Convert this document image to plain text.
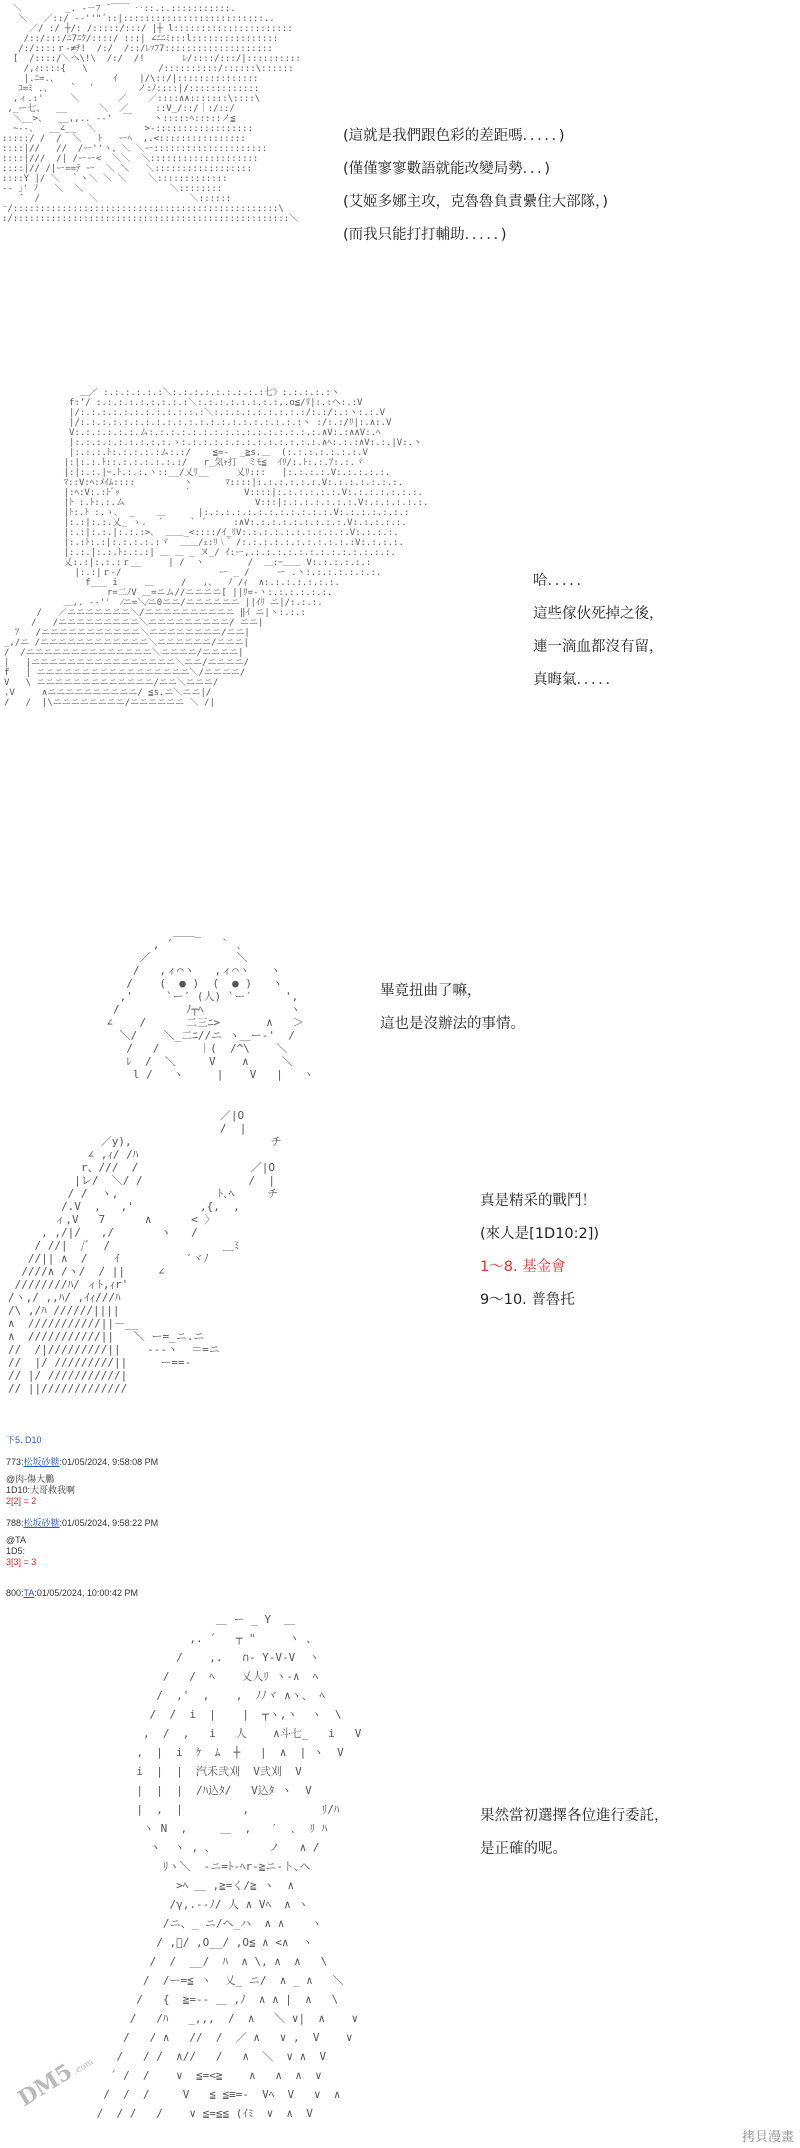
＼        _. -－ﾌ ̄ ￣￣ ‥::.:.:::::::::::.
＼   ／::/ -‐''"´::|::::::::::::::::::::::::::..
／/ :/ ┼/: /:::::/:::/ |┼ l::::::::::::::::::::::
/::/:::/ﾆ7ﾆｸ/::::/ :::| ∠ﾆﾆﾐ:::l::::::::::::::::
/:/::::ｒ-≠ﾁ!  /:/  /::/ﾚｧﾌ7::::::::::::::::::::
[  /::::/＼ヘ\!\  /:/  /!       ﾚ/::::/:::/|::::::::::
/,ｨ::::{   \             /::::::::::/::::::\::::::
|.ﾆ=.、          ｲ    |/\::/|:::::::::::::::
ｺ=ﾐ .、   ｀  ´        ノ:ﾉ::::|/:::::::::::::
,ィ.:'     ＼       ／    ／::::∧∧:::::::\::::\
,_ー七、  __      ＼  ／     ::V_/::/｜:/::/
＼__>、  __,,.. -‐'  ￣    ヽ:::::ﾍ:::::ノ≦
~‐‐、  __∠__  ＼         >‐::::::::::::::::::
:::::/ /  /  ＼   ﾄ   ーﾍ  ,.<::::::::::::::::
::::|//   //  /ー''ヽ、＼ ＼ー:::::::::::::::::::::
::::|///  /| /ーー<  ＼＼  ＼::::::::::::::::::::
::::|// /|ー==ﾃ ー  ＼ ＼   ＼::::::::::::::::::
::::Y |/ ＼  ｀ヽ＼ ＼ ＼    ＼:::::::::::::
‐- ｣' ﾉ   ＼  ＼                ＼::::::::
´  /         ＼                 ＼::::::
⁻/:::::::::::::::::::::::::::::::::::::::::::::::::\
:/:::::::::::::::::::::::::::::::::::::::::::::::::::＼
(這就是我們跟色彩的差距嗎．．．．．)
(僅僅寥寥數語就能改變局勢．．．)
(艾姬多娜主攻，克魯魯負責纍住大部隊，)
(而我只能打打輔助．．．．．)
＿／ :.:.:.:.:.:＼:.:.:.:.:.:.:.:.:七》:.:.:.:.:ヽ
f:‘/ :.:.:.:.:.:.:.:.:＼:.:.:.:.:.:.:.:,.o≦/ﾘ|:.:ヘ:.:V
|/:.:.:.:.:.:.:.:.:.:.:.:＼:.:.:.:.:.:.:.:.:/:.:/:.:ヽ:.:.V
|/:.:.:.:.:.:.:.:.:.:.:.:.:.:.:.:.:.:.:.:.:ヽ :/:.:/ﾘ|:.∧:.V
V:.:.:.:.:.:.ム:.:.:.:.:.:.:.:.:.:.:.:.:.:.:.:.∧V:.:∧∧V:.ﾍ
|:.:.:.:.:.:.:.:.:.ゝ:.:.:.:.:.:.:.:.:.:.:.:.:.∧ﾍ:.:.:∧V:.:.|V:.ヽ
|:.:.:.ﾄ:.:.:.:.:ム:.:/    ≦=-  _≧s.＿  (:.:.:.:.:.:.:.V
|:|:.:.ﾄ::.:.:.:.:.:.:/   r_気ｬ打  ミﾓ≦  ｲﾘ/:.ﾄ:.:.ｱ:.:.ヾ
|:|:.:.|ｰ.ﾄ.:.:.ヽ::__/乂ﾘ__     乂ﾘ:::   |:.:.:.:.V:.:.:.:.:.
ﾏ::V:ﾍ:ﾒｲﾑ::::         ヽ      ﾏ::::|:.:.:.:.:.:.V:.:.:.:.:.:.:.
|:ﾍ:V:.:ﾄﾞｯ            ´          V::::|:.:.:.:.:.:.V:.:.:.:.:.:.:.
|ﾄ :.ﾄ:.:.ム                        V:::|:.:.:.:.:.:.:.V:.:.:.:.:.:.
|ﾄ:.ﾄ :.ゝ､  _    ＿      |:.:.:.:.:.:.:.:.:.:.:.:.V:.:.:.:.:.:.:
|:.:|:.:.乂_ ゝ.  ´     ` ´     :∧V:.:.:.:.:.:.:.:.:.V:.:.:.:.:.
|:.:|:.:.|:.:.:>､  ＿＿_<::::/ｲ_ﾘV:.:.:.:.:.:.:.:.:.:.V:.:.:.:.
|:.:ﾄ:.:|:.:.:.:.:ヾ  ＿＿/ｪ:ﾘ﹨゛/:.:.:.:.:.:.:.:.:.:.:V:.:.:.:.
|:.:.|:.:.ﾄ:.:.:| ＿ ＿ _ ヌ_/ ｲ:ー,.:.:.:.:.:.:.:.:.:.:.:.:.:.
乂:.:|:.:.:ｒ__     | /  ヽ        /  ＿:ｰ＿＿ V:.:.:.:.:.:
|:.:|ｒ-/                  ー _ /     ー .ヽ:.:.:.:.:.:.:.
f___ i     ＿     /   ,、  ﾉ /ｨ  ∧:.:.:.:.:.:.:.
r=二ﾉV ＿=ニム//ニニニニ[ ||ﾘ=-ヽ:.:.:.:.:.:.
＿,. -‐''  ⁄ニ=＼⁄ニ0ニニ/ニニニニニニ ||ｲﾘ ニ|/:.:.:.
/   ／ニニニニニニニ＼/ニニニニニニニニニニ ‖ｲ ニ|ヽ:.:.:
/   /ニニニニニニニニニ＼ニニニニニニニニニ/ ニニ|
ｱ   /ニニニニニニニニニニニ＼ニニニニニニニニ/ニニ|
_,/ニ /ニニニニニニニニニニニニ＼ニニニニニニ/ニニニ|
/  /ニニニニニニニニニニニニニニ＼ニニニニ/ニニニニ|
|   |ニニニニニニニニニニニニニニニニ＼ニニ/ニニニニ/
f   | ニニニニニニニニニニニニニニニニニ＼/ニニニニ/
V   \ ニニニニニニニニニニニニニ/ニニ＼ニニニ/
.V     ∧ニニニニニニニニニニ/ ≦s.ニ＼ニニ|/
/   /  |\ニニニニニニニニ/ニニニニニニ ＼ /|
哈．．．．．
這些傢伙死掉之後，
連一滴血都沒有留，
真晦氣．．．．．
＿＿_
, ´       ｀ ､
／             ＼
/   ,ィ⌒ヽ   ,ィ⌒ヽ   ヽ
/    (  ● )  (  ● )   ヽ
,'     `ー′ (人) `ー′     ',
/          ﾉ┬ﾍ             ヽ
∠    /      二三ﾆ>       ∧   ＞
＼/    ＼_二ﾆ//ニ ヽ＿ー‐'  /
/   /      ｜(  /^\    ＼
ﾚ  /  ＼     V    ∧     ＼
l /   ヽ     |    V   |   ヽ
畢竟扭曲了嘛，
這也是沒辦法的事情。
／|O
/  |
／y),                     チ
∠ ,ｨ/ /ﾊ
r、///  /                 ／|O
|レ/  ＼/ /                /  |
/ /  ヽ,               ﾄ､ﾍ     チ
/.V  ,   ,'          ,{,  ,
ィ,V   7      ∧      < 〉
, ,/|/   ,/       ヽ   /
/ //|  /ﾞ  /                 ＿ﾐ
//|| ∧  /    ｲ          ′ヾﾉ
////∧ /ヽ/  / ||     ∠
////////ﾊ/ ィﾄ,ｨr'
/ヽ,/ ,,ﾊ/ ,ｲｨ///ﾊ
/\ ,/ﾊ //////||||
∧  ///////////||－__
∧  ///////////||   ＼ ー=_ニ.ニ
//  /|/////////||    ‐--ヽ  ＝=ニ
//  |/ /////////||     ー==-
// |/ ///////////|
// ||/////////////
真是精采的戰鬥！
(來人是[1D10:2])
1～8. 基金會
9～10. 普魯托
下5. D10
773:松坂砂糖:01/05/2024, 9:58:08 PM
@肉-傷大鵬
1D10:大哥救我啊
2[2] = 2
788:松坂砂糖:01/05/2024, 9:58:22 PM
@TA
1D5:
3[3] = 3
800:TA:01/05/2024, 10:00:42 PM
＿ ー _ Y  ＿
,. ´   ┬ "     ヽ 、
/    ,.   ∩- Y-V-V  ヽ
/   /  ﾍ    乂人ﾘ ヽ-∧  ﾍ
/  ,'  ,    ,  ﾉﾉヾ ∧ヽ、 ﾍ
/  /  i  |    |  ┬ヽ,ヽ  ヽ  \
,  /  ,   i   人    ∧斗七_   i   V
,  |  i  ｹ  ﾑ  ┼   |  ∧  | ヽ  V
i  |  |  汽禾弐刈  V弐刈  V
|  |  |  /ﾊ込ﾀ/   V込ﾀ ヽ  V
|  ,  |         ,           ﾘ/ﾊ
ヽ N  ,     ＿  ,   ′  ､  ﾘ ﾊ
ヽ  ヽ , 、        ノ   ∧ /
ﾘヽ＼  -ニ=ﾄ-ﾍr-≧ニ-ト､ヘ
>ﾍ ＿ ,≧=く/≧ ヽ  ∧
/γ,.--ﾉ/ 人 ∧ Vﾍ  ∧ ヽ
/ニ、_ ニ/ヘ_ハ  ∧ ∧    ヽ
/ ,ﾞ/ ,O__/ ,O≦ ∧ <∧  ヽ
/  /  __/  ﾊ  ∧ \, ∧  ∧   \
/  /ー=≦ ヽ  乂_ ニ/  ∧ _ ∧   ＼
/   {  ≧=-- ＿ ,ﾉ  ∧ ∧ |  ∧   \
/   /ﾊ   _,,,  /  ∧   ＼ ∨|  ∧    ∨
/   / ∧   //  /  ／ ∧   ∨ ,  V    ∨
/   / /  ∧//   /   ∧  ＼  ∨ ∧  V
´ /  /    ∨  ≦=<≧    ∧   ∧  ∧  ∨
/  /  /     V   ≦ ≦≡=-  Vﾍ  V   ∨  ∧
/  / /   /    ∨ ≦=≦≦ (ｲﾐ  ∨  ∧  V
果然當初選擇各位進行委託，
是正確的呢。
DM5.com
拷貝漫畫
